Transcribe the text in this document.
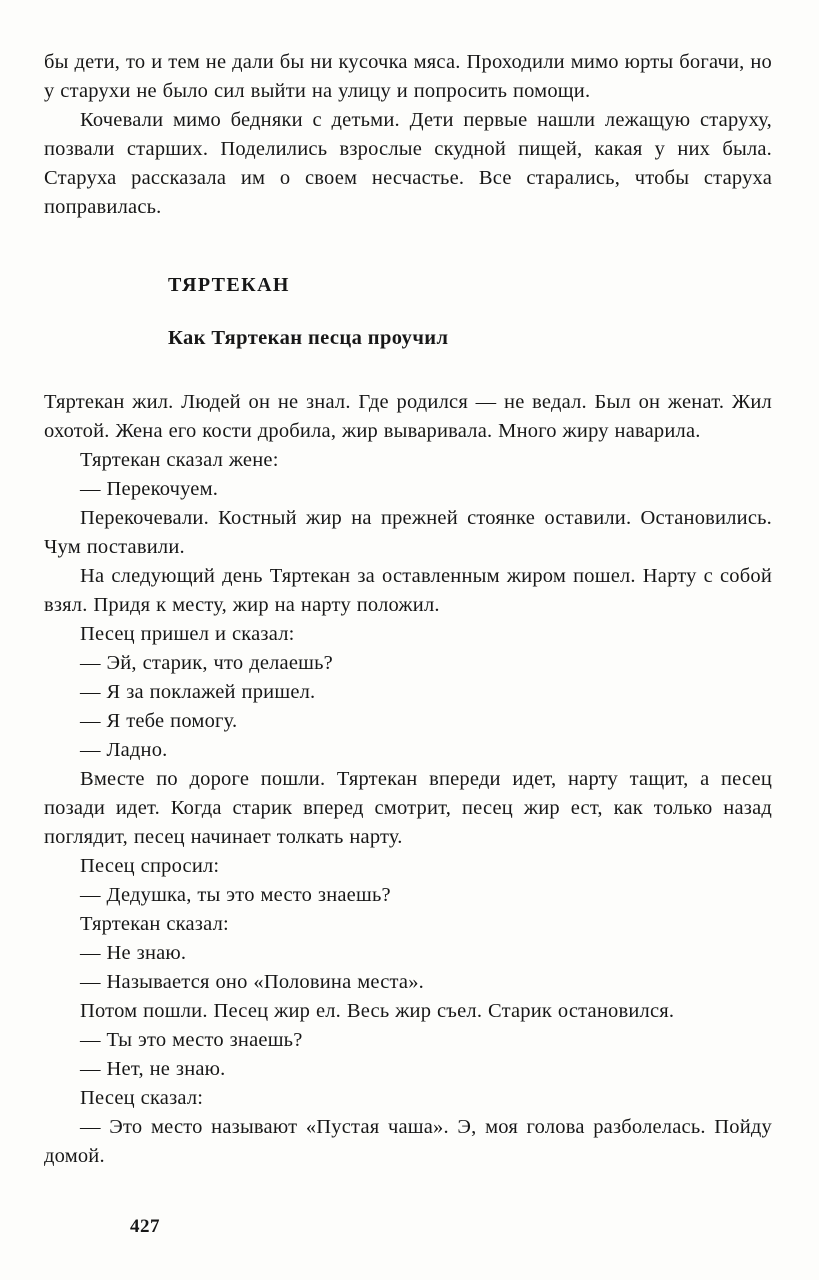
бы дети, то и тем не дали бы ни кусочка мяса. Проходили мимо юрты богачи, но у старухи не было сил выйти на улицу и попросить помощи.

Кочевали мимо бедняки с детьми. Дети первые нашли лежащую старуху, позвали старших. Поделились взрослые скудной пищей, какая у них была. Старуха рассказала им о своем несчастье. Все старались, чтобы старуха поправилась.

ТЯРТЕКАН
Как Тяртекан песца проучил

Тяртекан жил. Людей он не знал. Где родился — не ведал. Был он женат. Жил охотой. Жена его кости дробила, жир вываривала. Много жиру наварила.

Тяртекан сказал жене:

— Перекочуем.

Перекочевали. Костный жир на прежней стоянке оставили. Остановились. Чум поставили.

На следующий день Тяртекан за оставленным жиром пошел. Нарту с собой взял. Придя к месту, жир на нарту положил.

Песец пришел и сказал:

— Эй, старик, что делаешь?

— Я за поклажей пришел.

— Я тебе помогу.

— Ладно.

Вместе по дороге пошли. Тяртекан впереди идет, нарту тащит, а песец позади идет. Когда старик вперед смотрит, песец жир ест, как только назад поглядит, песец начинает толкать нарту.

Песец спросил:

— Дедушка, ты это место знаешь?

Тяртекан сказал:

— Не знаю.

— Называется оно «Половина места».

Потом пошли. Песец жир ел. Весь жир съел. Старик остановился.

— Ты это место знаешь?

— Нет, не знаю.

Песец сказал:

— Это место называют «Пустая чаша». Э, моя голова разболелась. Пойду домой.

427
